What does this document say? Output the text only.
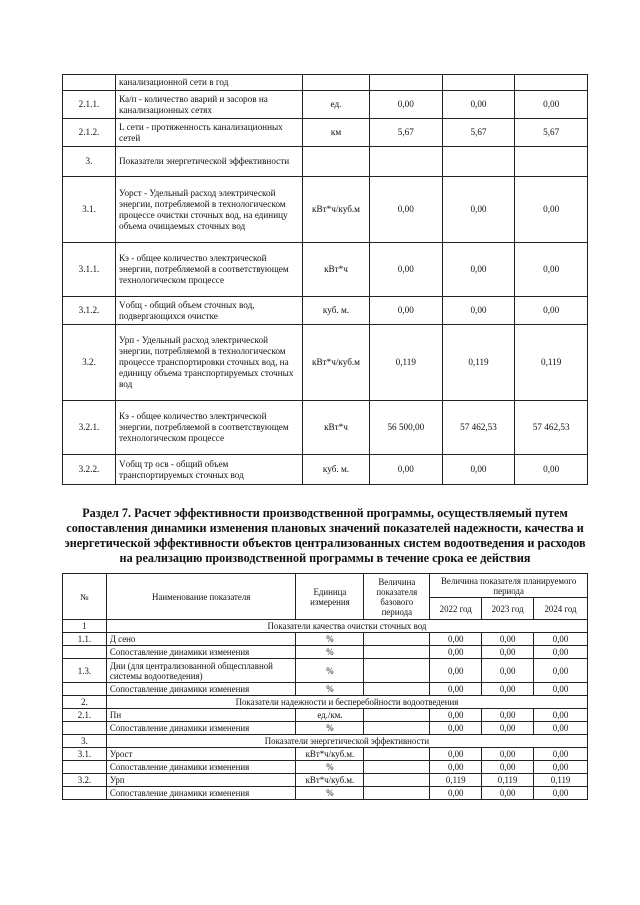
	канализационной сети в год				
2.1.1.	Ка/п - количество аварий и засоров на канализационных сетях	ед.	0,00	0,00	0,00
2.1.2.	L сети - протяженность канализационных сетей	км	5,67	5,67	5,67
3.	Показатели энергетической эффективности				
3.1.	Уорст - Удельный расход электрической энергии, потребляемой в технологическом процессе очистки сточных вод, на единицу объема очищаемых сточных вод	кВт*ч/куб.м	0,00	0,00	0,00
3.1.1.	Кэ - общее количество электрической энергии, потребляемой в соответствующем технологическом процессе	кВт*ч	0,00	0,00	0,00
3.1.2.	Vобщ - общий объем сточных вод, подвергающихся очистке	куб. м.	0,00	0,00	0,00
3.2.	Урп - Удельный расход электрической энергии, потребляемой в технологическом процессе транспортировки сточных вод, на единицу объема транспортируемых сточных вод	кВт*ч/куб.м	0,119	0,119	0,119
3.2.1.	Кэ - общее количество электрической энергии, потребляемой в соответствующем технологическом процессе	кВт*ч	56 500,00	57 462,53	57 462,53
3.2.2.	Vобщ тр осв - общий объем транспортируемых сточных вод	куб. м.	0,00	0,00	0,00
Раздел 7. Расчет эффективности производственной программы, осуществляемый путем сопоставления динамики изменения плановых значений показателей надежности, качества и энергетической эффективности объектов централизованных систем водоотведения и расходов на реализацию производственной программы в течение срока ее действия
№	Наименование показателя	Единица измерения	Величина показателя базового периода	Величина показателя планируемого периода		
				2022 год	2023 год	2024 год
1	Показатели качества очистки сточных вод					
1.1.	Д сено	%		0,00	0,00	0,00
	Сопоставление динамики изменения	%		0,00	0,00	0,00
1.3.	Дни (для централизованной общесплавной системы водоотведения)	%		0,00	0,00	0,00
	Сопоставление динамики изменения	%		0,00	0,00	0,00
2.	Показатели надежности и бесперебойности водоотведения					
2.1.	Пн	ед./км.		0,00	0,00	0,00
	Сопоставление динамики изменения	%		0,00	0,00	0,00
3.	Показатели энергетической эффективности					
3.1.	Урост	кВт*ч/куб.м.		0,00	0,00	0,00
	Сопоставление динамики изменения	%		0,00	0,00	0,00
3.2.	Урп	кВт*ч/куб.м.		0,119	0,119	0,119
	Сопоставление динамики изменения	%		0,00	0,00	0,00
